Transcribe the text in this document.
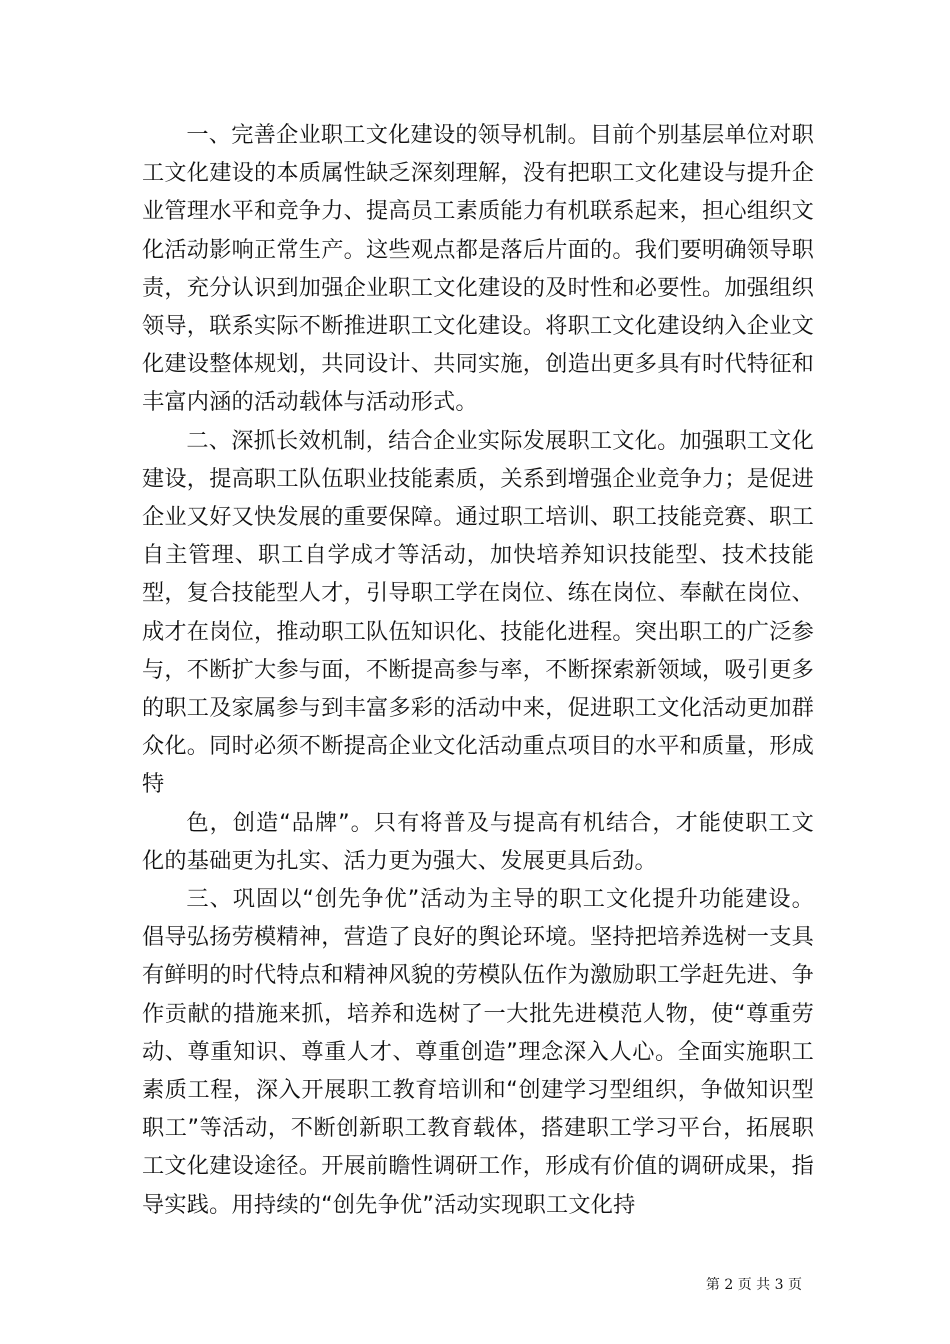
一、完善企业职工文化建设的领导机制。目前个别基层单位对职工文化建设的本质属性缺乏深刻理解，没有把职工文化建设与提升企业管理水平和竞争力、提高员工素质能力有机联系起来，担心组织文化活动影响正常生产。这些观点都是落后片面的。我们要明确领导职责，充分认识到加强企业职工文化建设的及时性和必要性。加强组织领导，联系实际不断推进职工文化建设。将职工文化建设纳入企业文化建设整体规划，共同设计、共同实施，创造出更多具有时代特征和丰富内涵的活动载体与活动形式。

二、深抓长效机制，结合企业实际发展职工文化。加强职工文化建设，提高职工队伍职业技能素质，关系到增强企业竞争力；是促进企业又好又快发展的重要保障。通过职工培训、职工技能竞赛、职工自主管理、职工自学成才等活动，加快培养知识技能型、技术技能型，复合技能型人才，引导职工学在岗位、练在岗位、奉献在岗位、成才在岗位，推动职工队伍知识化、技能化进程。突出职工的广泛参与，不断扩大参与面，不断提高参与率，不断探索新领域，吸引更多的职工及家属参与到丰富多彩的活动中来，促进职工文化活动更加群众化。同时必须不断提高企业文化活动重点项目的水平和质量，形成特

色，创造“品牌”。只有将普及与提高有机结合，才能使职工文化的基础更为扎实、活力更为强大、发展更具后劲。

三、巩固以“创先争优”活动为主导的职工文化提升功能建设。倡导弘扬劳模精神，营造了良好的舆论环境。坚持把培养选树一支具有鲜明的时代特点和精神风貌的劳模队伍作为激励职工学赶先进、争作贡献的措施来抓，培养和选树了一大批先进模范人物，使“尊重劳动、尊重知识、尊重人才、尊重创造”理念深入人心。全面实施职工素质工程，深入开展职工教育培训和“创建学习型组织，争做知识型职工”等活动，不断创新职工教育载体，搭建职工学习平台，拓展职工文化建设途径。开展前瞻性调研工作，形成有价值的调研成果，指导实践。用持续的“创先争优”活动实现职工文化持

第 2 页 共 3 页
